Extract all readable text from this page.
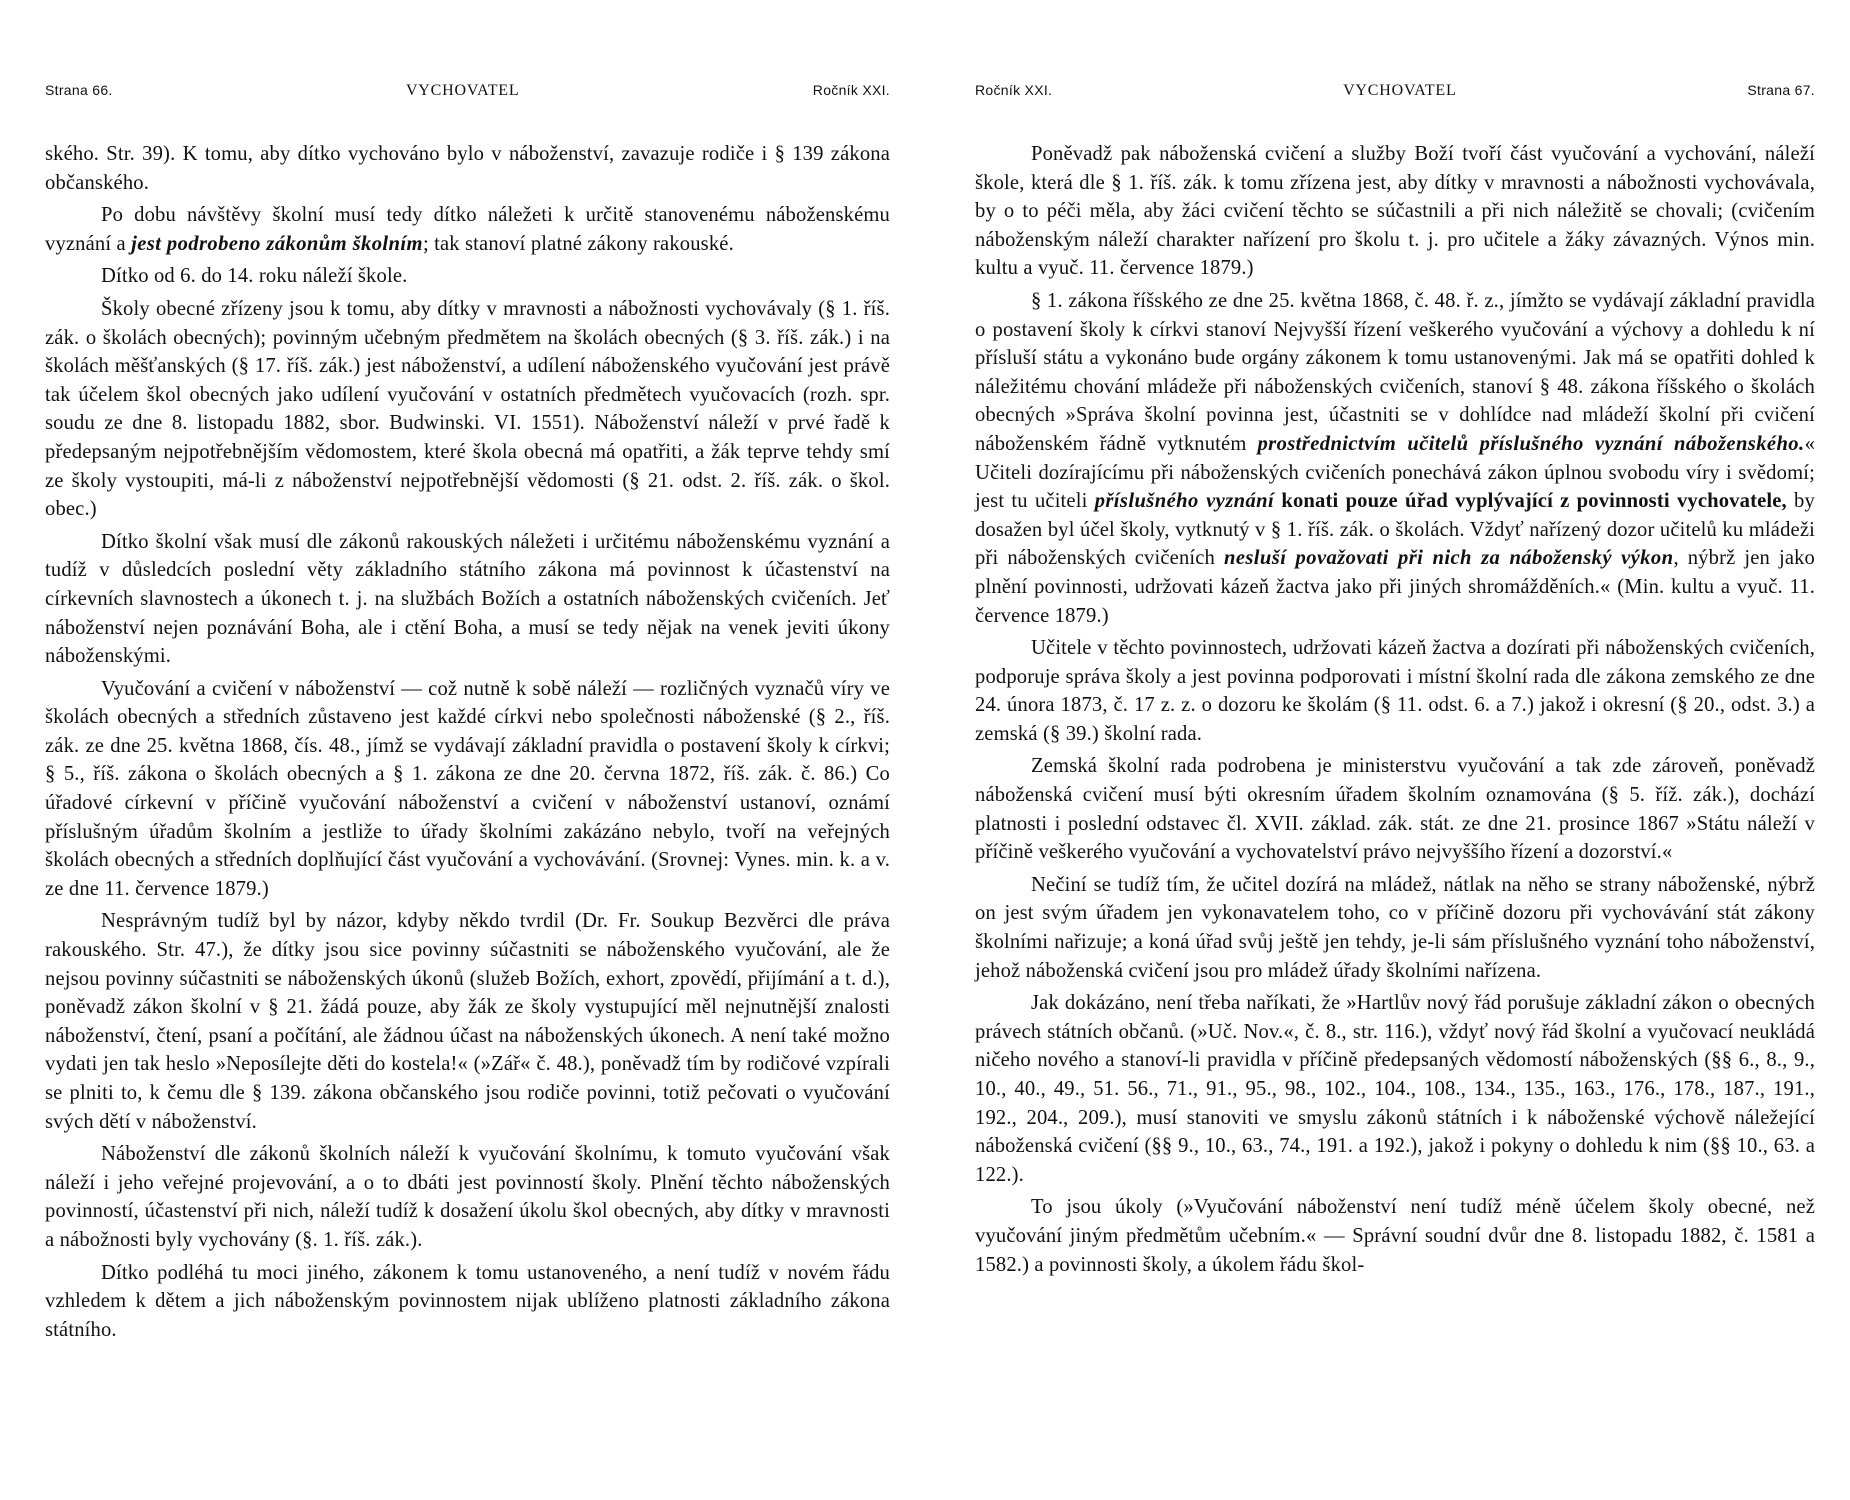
Strana 66.	VYCHOVATEL	Ročník XXI.

ského. Str. 39). K tomu, aby dítko vychováno bylo v náboženství, zavazuje rodiče i § 139 zákona občanského.

Po dobu návštěvy školní musí tedy dítko náležeti k určitě stanovenému náboženskému vyznání a jest podrobeno zákonům školním; tak stanoví platné zákony rakouské.

Dítko od 6. do 14. roku náleží škole.

Školy obecné zřízeny jsou k tomu, aby dítky v mravnosti a nábožnosti vychovávaly (§ 1. říš. zák. o školách obecných); povinným učebným předmětem na školách obecných (§ 3. říš. zák.) i na školách měšťanských (§ 17. říš. zák.) jest náboženství, a udílení náboženského vyučování jest právě tak účelem škol obecných jako udílení vyučování v ostatních předmětech vyučovacích (rozh. spr. soudu ze dne 8. listopadu 1882, sbor. Budwinski. VI. 1551). Náboženství náleží v prvé řadě k předepsaným nejpotřebnějším vědomostem, které škola obecná má opatřiti, a žák teprve tehdy smí ze školy vystoupiti, má-li z náboženství nejpotřebnější vědomosti (§ 21. odst. 2. říš. zák. o škol. obec.)

Dítko školní však musí dle zákonů rakouských náležeti i určitému náboženskému vyznání a tudíž v důsledcích poslední věty základního státního zákona má povinnost k účastenství na církevních slavnostech a úkonech t. j. na službách Božích a ostatních náboženských cvičeních. Jeť náboženství nejen poznávání Boha, ale i ctění Boha, a musí se tedy nějak na venek jeviti úkony náboženskými.

Vyučování a cvičení v náboženství — což nutně k sobě náleží — rozličných vyznačů víry ve školách obecných a středních zůstaveno jest každé církvi nebo společnosti náboženské (§ 2., říš. zák. ze dne 25. května 1868, čís. 48., jímž se vydávají základní pravidla o postavení školy k církvi; § 5., říš. zákona o školách obecných a § 1. zákona ze dne 20. června 1872, říš. zák. č. 86.) Co úřadové církevní v příčině vyučování náboženství a cvičení v náboženství ustanoví, oznámí příslušným úřadům školním a jestliže to úřady školními zakázáno nebylo, tvoří na veřejných školách obecných a středních doplňující část vyučování a vychovávání. (Srovnej: Vynes. min. k. a v. ze dne 11. července 1879.)

Nesprávným tudíž byl by názor, kdyby někdo tvrdil (Dr. Fr. Soukup Bezvěrci dle práva rakouského. Str. 47.), že dítky jsou sice povinny súčastniti se náboženského vyučování, ale že nejsou povinny súčastniti se náboženských úkonů (služeb Božích, exhort, zpovědí, přijímání a t. d.), poněvadž zákon školní v § 21. žádá pouze, aby žák ze školy vystupující měl nejnutnější znalosti náboženství, čtení, psaní a počítání, ale žádnou účast na náboženských úkonech. A není také možno vydati jen tak heslo »Neposílejte děti do kostela!« (»Zář« č. 48.), poněvadž tím by rodičové vzpírali se plniti to, k čemu dle § 139. zákona občanského jsou rodiče povinni, totiž pečovati o vyučování svých dětí v náboženství.

Náboženství dle zákonů školních náleží k vyučování školnímu, k tomuto vyučování však náleží i jeho veřejné projevování, a o to dbáti jest povinností školy. Plnění těchto náboženských povinností, účastenství při nich, náleží tudíž k dosažení úkolu škol obecných, aby dítky v mravnosti a nábožnosti byly vychovány (§. 1. říš. zák.).

Dítko podléhá tu moci jiného, zákonem k tomu ustanoveného, a není tudíž v novém řádu vzhledem k dětem a jich náboženským povinnostem nijak ublíženo platnosti základního zákona státního.

Ročník XXI.	VYCHOVATEL	Strana 67.

Poněvadž pak náboženská cvičení a služby Boží tvoří část vyučování a vychování, náleží škole, která dle § 1. říš. zák. k tomu zřízena jest, aby dítky v mravnosti a nábožnosti vychovávala, by o to péči měla, aby žáci cvičení těchto se súčastnili a při nich náležitě se chovali; (cvičením náboženským náleží charakter nařízení pro školu t. j. pro učitele a žáky závazných. Výnos min. kultu a vyuč. 11. července 1879.)

§ 1. zákona říšského ze dne 25. května 1868, č. 48. ř. z., jímžto se vydávají základní pravidla o postavení školy k církvi stanoví Nejvyšší řízení veškerého vyučování a výchovy a dohledu k ní přísluší státu a vykonáno bude orgány zákonem k tomu ustanovenými. Jak má se opatřiti dohled k náležitému chování mládeže při náboženských cvičeních, stanoví § 48. zákona říšského o školách obecných »Správa školní povinna jest, účastniti se v dohlídce nad mládeží školní při cvičení náboženském řádně vytknutém prostřednictvím učitelů příslušného vyznání náboženského.« Učiteli dozírajícímu při náboženských cvičeních ponechává zákon úplnou svobodu víry i svědomí; jest tu učiteli příslušného vyznání konati pouze úřad vyplývající z povinnosti vychovatele, by dosažen byl účel školy, vytknutý v § 1. říš. zák. o školách. Vždyť nařízený dozor učitelů ku mládeži při náboženských cvičeních nesluší považovati při nich za náboženský výkon, nýbrž jen jako plnění povinnosti, udržovati kázeň žactva jako při jiných shromážděních.« (Min. kultu a vyuč. 11. července 1879.)

Učitele v těchto povinnostech, udržovati kázeň žactva a dozírati při náboženských cvičeních, podporuje správa školy a jest povinna podporovati i místní školní rada dle zákona zemského ze dne 24. února 1873, č. 17 z. z. o dozoru ke školám (§ 11. odst. 6. a 7.) jakož i okresní (§ 20., odst. 3.) a zemská (§ 39.) školní rada.

Zemská školní rada podrobena je ministerstvu vyučování a tak zde zároveň, poněvadž náboženská cvičení musí býti okresním úřadem školním oznamována (§ 5. říž. zák.), dochází platnosti i poslední odstavec čl. XVII. základ. zák. stát. ze dne 21. prosince 1867 »Státu náleží v příčině veškerého vyučování a vychovatelství právo nejvyššího řízení a dozorství.«

Nečiní se tudíž tím, že učitel dozírá na mládež, nátlak na něho se strany náboženské, nýbrž on jest svým úřadem jen vykonavatelem toho, co v příčině dozoru při vychovávání stát zákony školními nařizuje; a koná úřad svůj ještě jen tehdy, je-li sám příslušného vyznání toho náboženství, jehož náboženská cvičení jsou pro mládež úřady školními nařízena.

Jak dokázáno, není třeba naříkati, že »Hartlův nový řád porušuje základní zákon o obecných právech státních občanů. (»Uč. Nov.«, č. 8., str. 116.), vždyť nový řád školní a vyučovací neukládá ničeho nového a stanoví-li pravidla v příčině předepsaných vědomostí náboženských (§§ 6., 8., 9., 10., 40., 49., 51. 56., 71., 91., 95., 98., 102., 104., 108., 134., 135., 163., 176., 178., 187., 191., 192., 204., 209.), musí stanoviti ve smyslu zákonů státních i k náboženské výchově náležející náboženská cvičení (§§ 9., 10., 63., 74., 191. a 192.), jakož i pokyny o dohledu k nim (§§ 10., 63. a 122.).

To jsou úkoly (»Vyučování náboženství není tudíž méně účelem školy obecné, než vyučování jiným předmětům učebním.« — Správní soudní dvůr dne 8. listopadu 1882, č. 1581 a 1582.) a povinnosti školy, a úkolem řádu škol-
